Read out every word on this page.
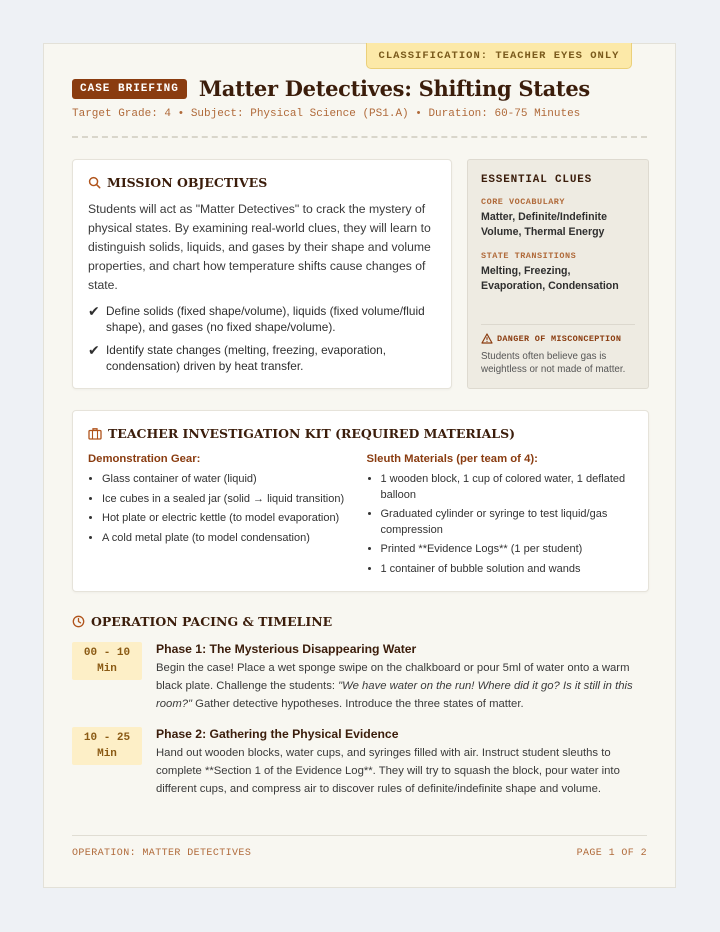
CLASSIFICATION: TEACHER EYES ONLY
CASE BRIEFING Matter Detectives: Shifting States
Target Grade: 4 • Subject: Physical Science (PS1.A) • Duration: 60-75 Minutes
MISSION OBJECTIVES
Students will act as "Matter Detectives" to crack the mystery of physical states. By examining real-world clues, they will learn to distinguish solids, liquids, and gases by their shape and volume properties, and chart how temperature shifts cause changes of state.
✔ Define solids (fixed shape/volume), liquids (fixed volume/fluid shape), and gases (no fixed shape/volume).
✔ Identify state changes (melting, freezing, evaporation, condensation) driven by heat transfer.
ESSENTIAL CLUES
CORE VOCABULARY
Matter, Definite/Indefinite Volume, Thermal Energy
STATE TRANSITIONS
Melting, Freezing, Evaporation, Condensation
DANGER OF MISCONCEPTION
Students often believe gas is weightless or not made of matter.
TEACHER INVESTIGATION KIT (REQUIRED MATERIALS)
Demonstration Gear:
• Glass container of water (liquid)
• Ice cubes in a sealed jar (solid → liquid transition)
• Hot plate or electric kettle (to model evaporation)
• A cold metal plate (to model condensation)
Sleuth Materials (per team of 4):
• 1 wooden block, 1 cup of colored water, 1 deflated balloon
• Graduated cylinder or syringe to test liquid/gas compression
• Printed **Evidence Logs** (1 per student)
• 1 container of bubble solution and wands
OPERATION PACING & TIMELINE
00 - 10
Min
Phase 1: The Mysterious Disappearing Water
Begin the case! Place a wet sponge swipe on the chalkboard or pour 5ml of water onto a warm black plate. Challenge the students: "We have water on the run! Where did it go? Is it still in this room?" Gather detective hypotheses. Introduce the three states of matter.
10 - 25
Min
Phase 2: Gathering the Physical Evidence
Hand out wooden blocks, water cups, and syringes filled with air. Instruct student sleuths to complete **Section 1 of the Evidence Log**. They will try to squash the block, pour water into different cups, and compress air to discover rules of definite/indefinite shape and volume.
OPERATION: MATTER DETECTIVES	PAGE 1 OF 2
